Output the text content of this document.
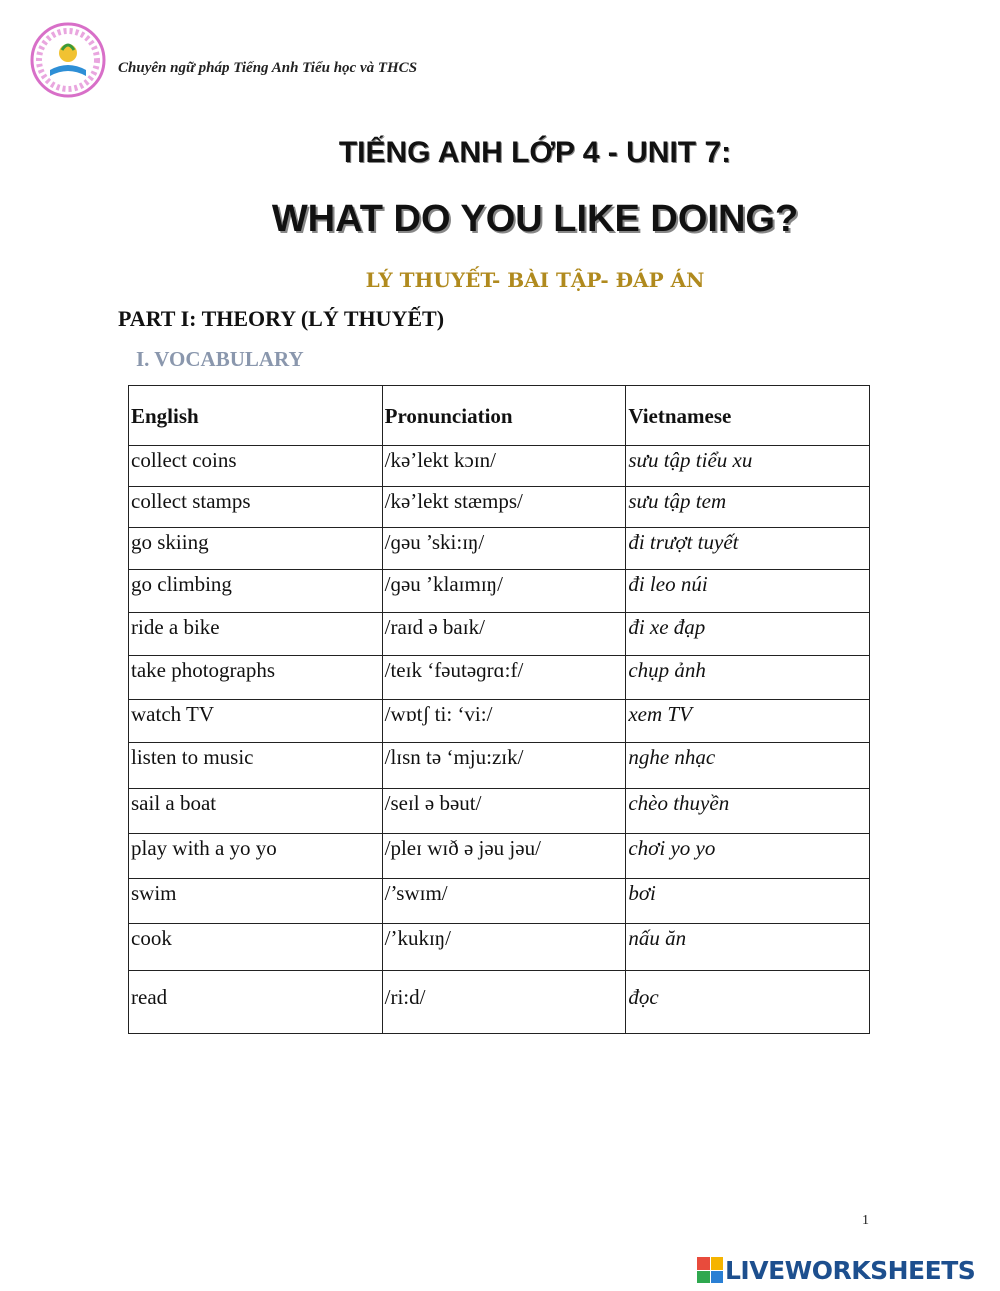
Chuyên ngữ pháp Tiếng Anh Tiểu học và THCS
TIẾNG ANH LỚP 4 - UNIT 7:
WHAT DO YOU LIKE DOING?
LÝ THUYẾT- BÀI TẬP- ĐÁP ÁN
PART I: THEORY (LÝ THUYẾT)
I. VOCABULARY
English	Pronunciation	Vietnamese
collect coins	/kə’lekt kɔɪn/	sưu tập tiểu xu
collect stamps	/kə’lekt stæmps/	sưu tập tem
go skiing	/ɡəu ’ski:ɪŋ/	đi trượt tuyết
go climbing	/ɡəu ’klaɪmɪŋ/	đi leo núi
ride a bike	/raɪd ə baɪk/	đi xe đạp
take photographs	/teɪk ‘fəutəɡrɑ:f/	chụp ảnh
watch TV	/wɒtʃ ti: ‘vi:/	xem TV
listen to music	/lɪsn tə ‘mju:zɪk/	nghe nhạc
sail a boat	/seɪl ə bəut/	chèo thuyền
play with a yo yo	/pleɪ wɪð ə jəu jəu/	chơi yo yo
swim	/’swɪm/	bơi
cook	/’kukɪŋ/	nấu ăn
read	/ri:d/	đọc
1
LIVEWORKSHEETS
